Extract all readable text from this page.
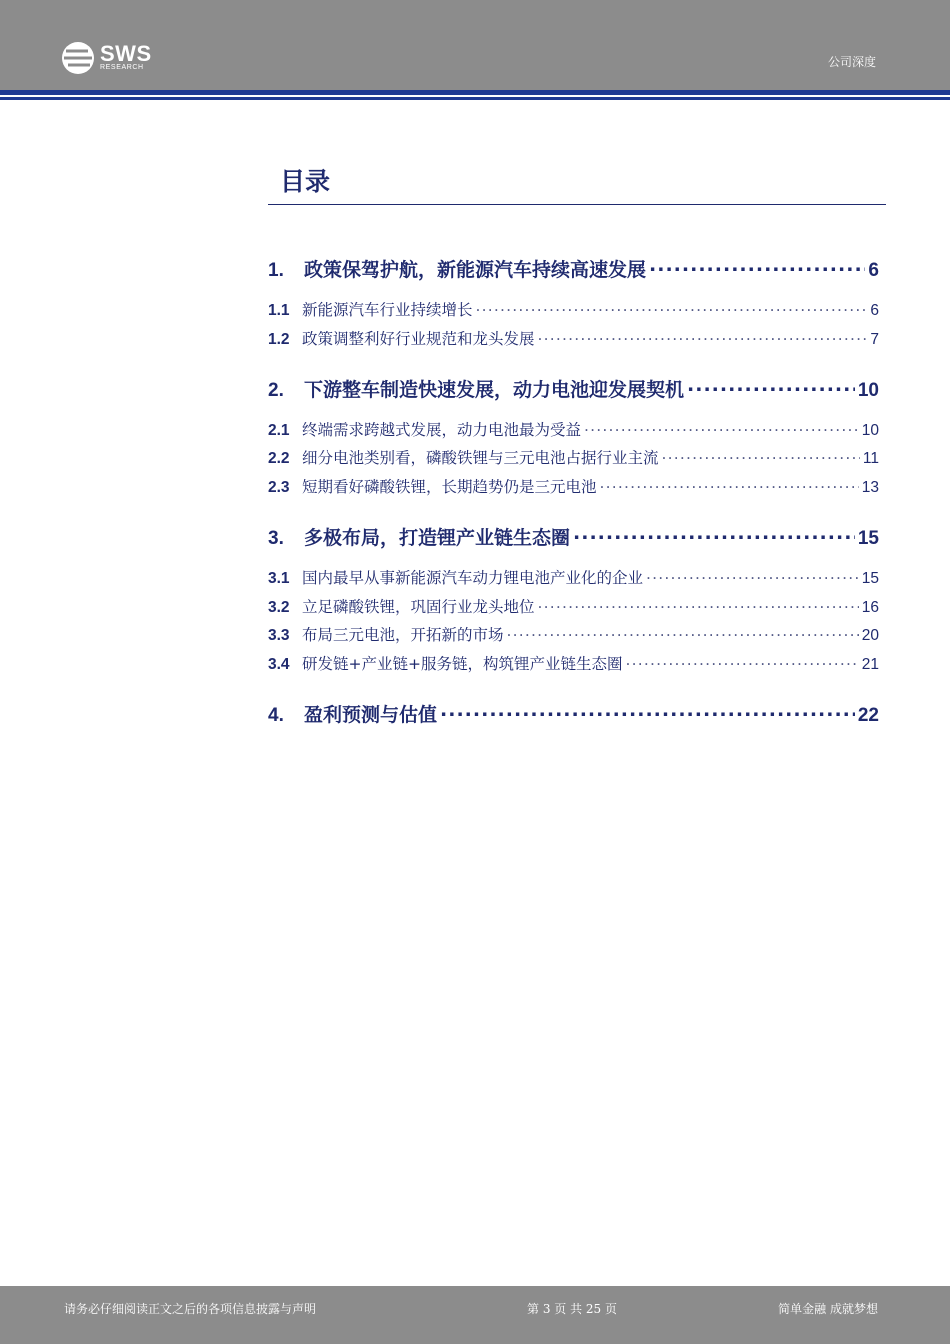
SWS
RESEARCH	公司深度
目录
1.	政策保驾护航，新能源汽车持续高速发展 .....	6
1.1 新能源汽车行业持续增长 .....	6
1.2 政策调整利好行业规范和龙头发展 .....	7
2.	下游整车制造快速发展，动力电池迎发展契机 .....	10
2.1 终端需求跨越式发展，动力电池最为受益 .....	10
2.2 细分电池类别看，磷酸铁锂与三元电池占据行业主流 .....	11
2.3 短期看好磷酸铁锂，长期趋势仍是三元电池 .....	13
3.	多极布局，打造锂产业链生态圈 .....	15
3.1 国内最早从事新能源汽车动力锂电池产业化的企业 .....	15
3.2 立足磷酸铁锂，巩固行业龙头地位 .....	16
3.3 布局三元电池，开拓新的市场 .....	20
3.4 研发链+产业链+服务链，构筑锂产业链生态圈 .....	21
4.	盈利预测与估值 .....	22
请务必仔细阅读正文之后的各项信息披露与声明	第 3 页 共 25 页	简单金融 成就梦想
